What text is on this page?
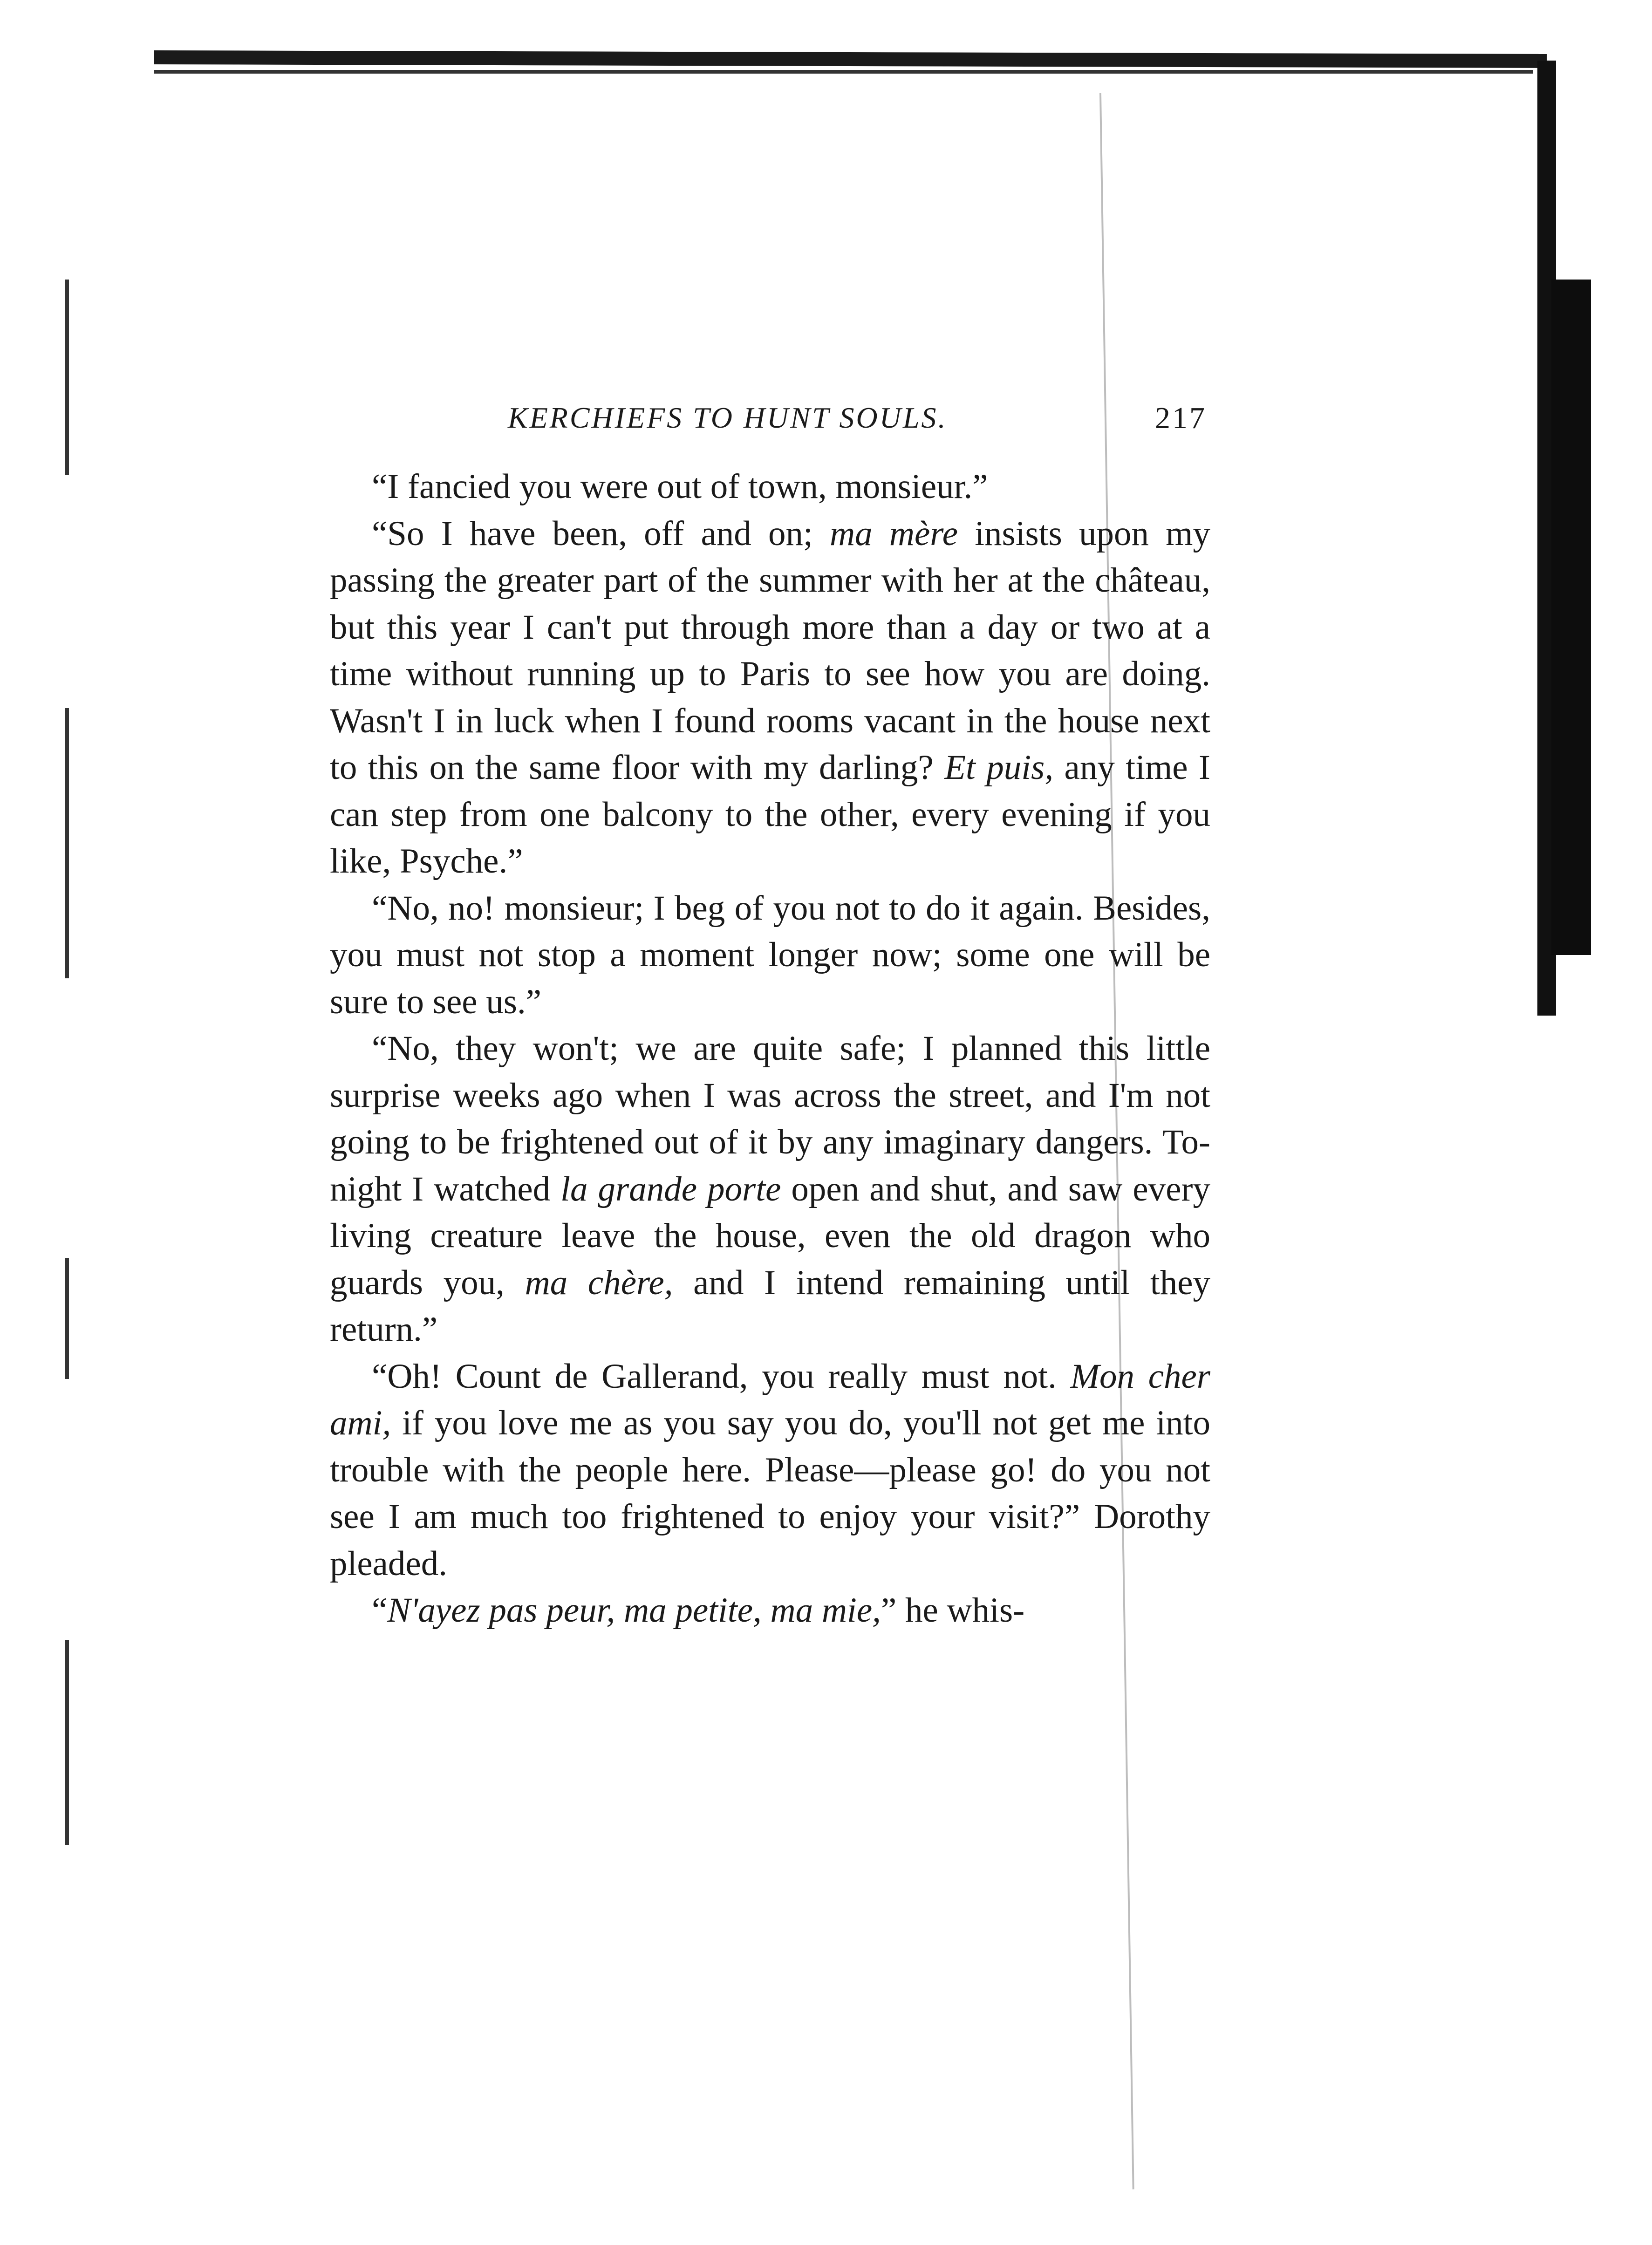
KERCHIEFS TO HUNT SOULS.	217

“I fancied you were out of town, monsieur.”

“So I have been, off and on; ma mère insists upon my passing the greater part of the summer with her at the château, but this year I can't put through more than a day or two at a time without running up to Paris to see how you are doing. Wasn't I in luck when I found rooms vacant in the house next to this on the same floor with my darling? Et puis, any time I can step from one balcony to the other, every evening if you like, Psyche.”

“No, no! monsieur; I beg of you not to do it again. Besides, you must not stop a moment longer now; some one will be sure to see us.”

“No, they won't; we are quite safe; I planned this little surprise weeks ago when I was across the street, and I'm not going to be frightened out of it by any imaginary dangers. To-night I watched la grande porte open and shut, and saw every living creature leave the house, even the old dragon who guards you, ma chère, and I intend remaining until they return.”

“Oh! Count de Gallerand, you really must not. Mon cher ami, if you love me as you say you do, you'll not get me into trouble with the people here. Please—please go! do you not see I am much too frightened to enjoy your visit?” Dorothy pleaded.

“N'ayez pas peur, ma petite, ma mie,” he whis-
